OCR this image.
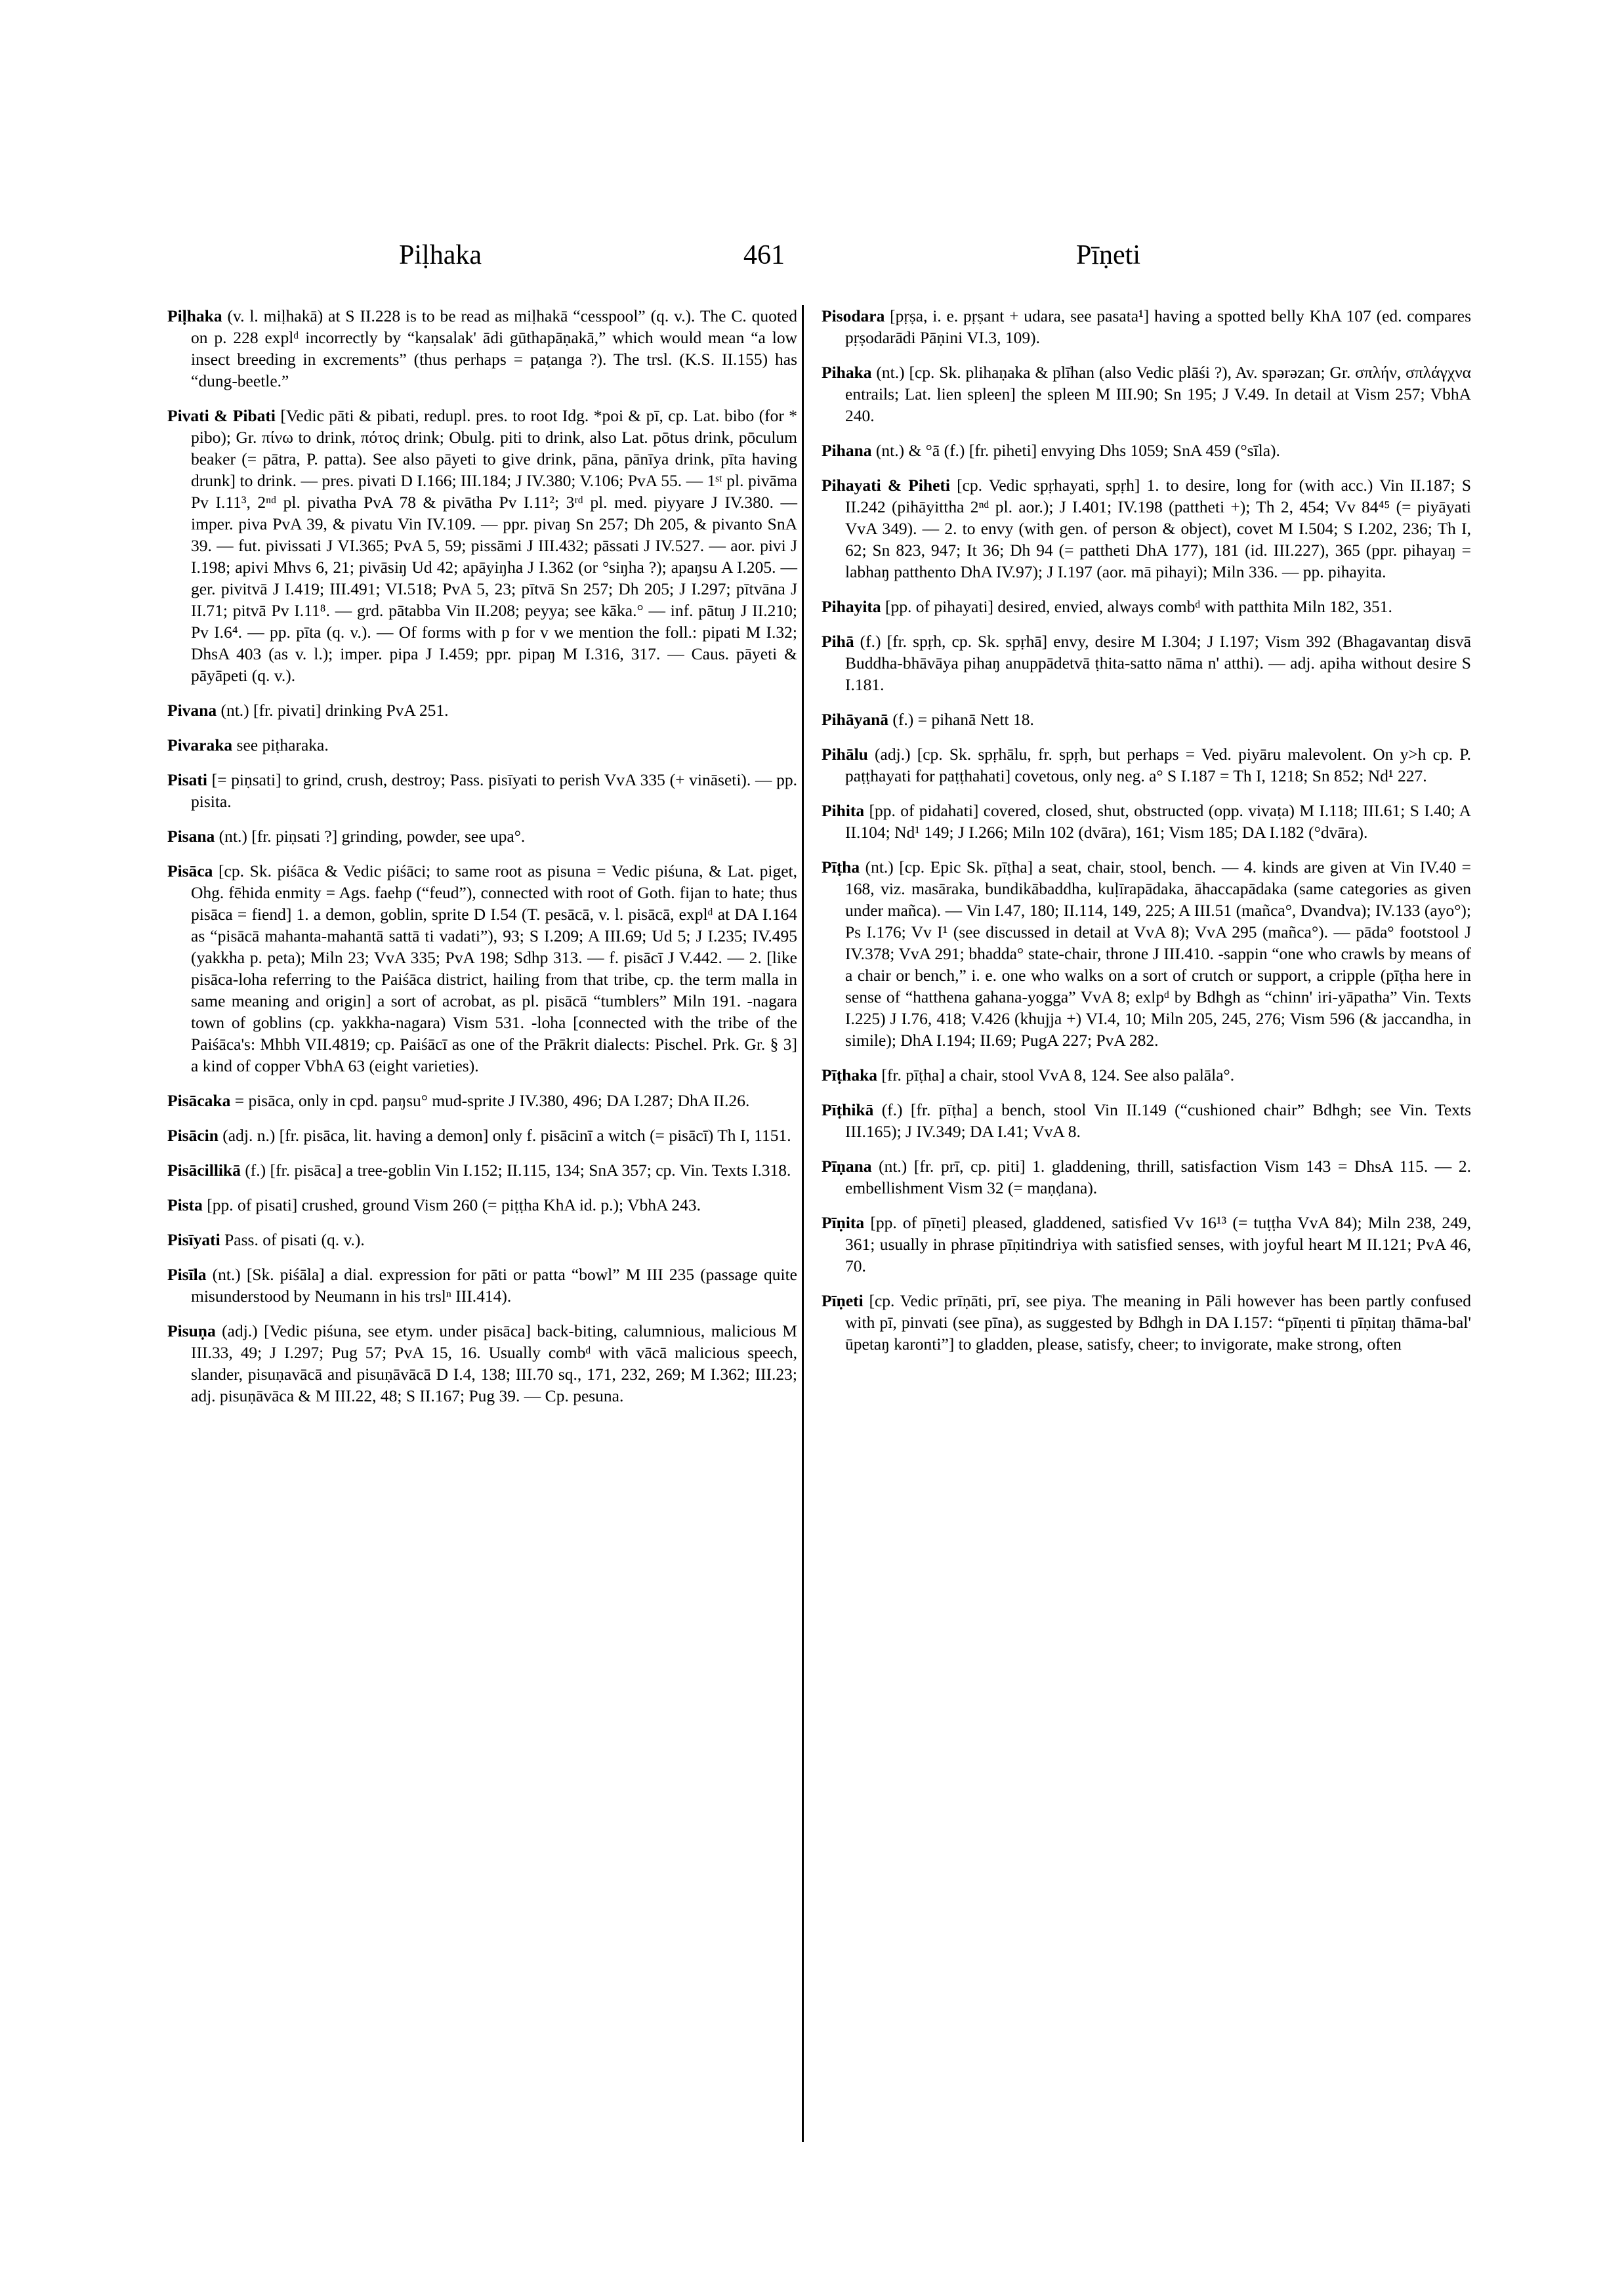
Piḷhaka	461	Pīṇeti

Piḷhaka (v. l. miḷhakā) at S II.228 is to be read as miḷhakā “cesspool” (q. v.). The C. quoted on p. 228 explᵈ incorrectly by “kaṇsalak' ādi gūthapāṇakā,” which would mean “a low insect breeding in excrements” (thus perhaps = paṭanga ?). The trsl. (K.S. II.155) has “dung-beetle.”

Pivati & Pibati [Vedic pāti & pibati, redupl. pres. to root Idg. *poi & pī, cp. Lat. bibo (for * pibo); Gr. πίνω to drink, πότος drink; Obulg. piti to drink, also Lat. pōtus drink, pōculum beaker (= pātra, P. patta). See also pāyeti to give drink, pāna, pānīya drink, pīta having drunk] to drink. — pres. pivati D I.166; III.184; J IV.380; V.106; PvA 55. — 1ˢᵗ pl. pivāma Pv I.11³, 2ⁿᵈ pl. pivatha PvA 78 & pivātha Pv I.11²; 3ʳᵈ pl. med. piyyare J IV.380. — imper. piva PvA 39, & pivatu Vin IV.109. — ppr. pivaŋ Sn 257; Dh 205, & pivanto SnA 39. — fut. pivissati J VI.365; PvA 5, 59; pissāmi J III.432; pāssati J IV.527. — aor. pivi J I.198; apivi Mhvs 6, 21; pivāsiŋ Ud 42; apāyiŋha J I.362 (or °siŋha ?); apaŋsu A I.205. — ger. pivitvā J I.419; III.491; VI.518; PvA 5, 23; pītvā Sn 257; Dh 205; J I.297; pītvāna J II.71; pitvā Pv I.11⁸. — grd. pātabba Vin II.208; peyya; see kāka.° — inf. pātuŋ J II.210; Pv I.6⁴. — pp. pīta (q. v.). — Of forms with p for v we mention the foll.: pipati M I.32; DhsA 403 (as v. l.); imper. pipa J I.459; ppr. pipaŋ M I.316, 317. — Caus. pāyeti & pāyāpeti (q. v.).

Pivana (nt.) [fr. pivati] drinking PvA 251.

Pivaraka see piṭharaka.

Pisati [= piṇsati] to grind, crush, destroy; Pass. pisīyati to perish VvA 335 (+ vināseti). — pp. pisita.

Pisana (nt.) [fr. piṇsati ?] grinding, powder, see upa°.

Pisāca [cp. Sk. piśāca & Vedic piśāci; to same root as pisuna = Vedic piśuna, & Lat. piget, Ohg. fēhida enmity = Ags. faehp (“feud”), connected with root of Goth. fijan to hate; thus pisāca = fiend] 1. a demon, goblin, sprite D I.54 (T. pesācā, v. l. pisācā, explᵈ at DA I.164 as “pisācā mahanta-mahantā sattā ti vadati”), 93; S I.209; A III.69; Ud 5; J I.235; IV.495 (yakkha p. peta); Miln 23; VvA 335; PvA 198; Sdhp 313. — f. pisācī J V.442. — 2. [like pisāca-loha referring to the Paiśāca district, hailing from that tribe, cp. the term malla in same meaning and origin] a sort of acrobat, as pl. pisācā “tumblers” Miln 191. -nagara town of goblins (cp. yakkha-nagara) Vism 531. -loha [connected with the tribe of the Paiśāca's: Mhbh VII.4819; cp. Paiśācī as one of the Prākrit dialects: Pischel. Prk. Gr. § 3] a kind of copper VbhA 63 (eight varieties).

Pisācaka = pisāca, only in cpd. paŋsu° mud-sprite J IV.380, 496; DA I.287; DhA II.26.

Pisācin (adj. n.) [fr. pisāca, lit. having a demon] only f. pisācinī a witch (= pisācī) Th I, 1151.

Pisācillikā (f.) [fr. pisāca] a tree-goblin Vin I.152; II.115, 134; SnA 357; cp. Vin. Texts I.318.

Pista [pp. of pisati] crushed, ground Vism 260 (= piṭṭha KhA id. p.); VbhA 243.

Pisīyati Pass. of pisati (q. v.).

Pisīla (nt.) [Sk. piśāla] a dial. expression for pāti or patta “bowl” M III 235 (passage quite misunderstood by Neumann in his trslⁿ III.414).

Pisuṇa (adj.) [Vedic piśuna, see etym. under pisāca] back-biting, calumnious, malicious M III.33, 49; J I.297; Pug 57; PvA 15, 16. Usually combᵈ with vācā malicious speech, slander, pisuṇavācā and pisuṇāvācā D I.4, 138; III.70 sq., 171, 232, 269; M I.362; III.23; adj. pisuṇāvāca & M III.22, 48; S II.167; Pug 39. — Cp. pesuna.

Pisodara [pṛṣa, i. e. pṛṣant + udara, see pasata¹] having a spotted belly KhA 107 (ed. compares pṛṣodarādi Pāṇini VI.3, 109).

Pihaka (nt.) [cp. Sk. plihaṇaka & plīhan (also Vedic plāśi ?), Av. spərəzan; Gr. σπλήν, σπλάγχνα entrails; Lat. lien spleen] the spleen M III.90; Sn 195; J V.49. In detail at Vism 257; VbhA 240.

Pihana (nt.) & °ā (f.) [fr. piheti] envying Dhs 1059; SnA 459 (°sīla).

Pihayati & Piheti [cp. Vedic spṛhayati, spṛh] 1. to desire, long for (with acc.) Vin II.187; S II.242 (pihāyittha 2ⁿᵈ pl. aor.); J I.401; IV.198 (pattheti +); Th 2, 454; Vv 84⁴⁵ (= piyāyati VvA 349). — 2. to envy (with gen. of person & object), covet M I.504; S I.202, 236; Th I, 62; Sn 823, 947; It 36; Dh 94 (= pattheti DhA 177), 181 (id. III.227), 365 (ppr. pihayaŋ = labhaŋ patthento DhA IV.97); J I.197 (aor. mā pihayi); Miln 336. — pp. pihayita.

Pihayita [pp. of pihayati] desired, envied, always combᵈ with patthita Miln 182, 351.

Pihā (f.) [fr. spṛh, cp. Sk. spṛhā] envy, desire M I.304; J I.197; Vism 392 (Bhagavantaŋ disvā Buddha-bhāvāya pihaŋ anuppādetvā ṭhita-satto nāma n' atthi). — adj. apiha without desire S I.181.

Pihāyanā (f.) = pihanā Nett 18.

Pihālu (adj.) [cp. Sk. spṛhālu, fr. spṛh, but perhaps = Ved. piyāru malevolent. On y>h cp. P. paṭṭhayati for paṭṭhahati] covetous, only neg. a° S I.187 = Th I, 1218; Sn 852; Nd¹ 227.

Pihita [pp. of pidahati] covered, closed, shut, obstructed (opp. vivaṭa) M I.118; III.61; S I.40; A II.104; Nd¹ 149; J I.266; Miln 102 (dvāra), 161; Vism 185; DA I.182 (°dvāra).

Pīṭha (nt.) [cp. Epic Sk. pīṭha] a seat, chair, stool, bench. — 4. kinds are given at Vin IV.40 = 168, viz. masāraka, bundikābaddha, kuḷīrapādaka, āhaccapādaka (same categories as given under mañca). — Vin I.47, 180; II.114, 149, 225; A III.51 (mañca°, Dvandva); IV.133 (ayo°); Ps I.176; Vv I¹ (see discussed in detail at VvA 8); VvA 295 (mañca°). — pāda° footstool J IV.378; VvA 291; bhadda° state-chair, throne J III.410. -sappin “one who crawls by means of a chair or bench,” i. e. one who walks on a sort of crutch or support, a cripple (pīṭha here in sense of “hatthena gahana-yogga” VvA 8; exlpᵈ by Bdhgh as “chinn' iri-yāpatha” Vin. Texts I.225) J I.76, 418; V.426 (khujja +) VI.4, 10; Miln 205, 245, 276; Vism 596 (& jaccandha, in simile); DhA I.194; II.69; PugA 227; PvA 282.

Pīṭhaka [fr. pīṭha] a chair, stool VvA 8, 124. See also palāla°.

Pīṭhikā (f.) [fr. pīṭha] a bench, stool Vin II.149 (“cushioned chair” Bdhgh; see Vin. Texts III.165); J IV.349; DA I.41; VvA 8.

Pīṇana (nt.) [fr. prī, cp. piti] 1. gladdening, thrill, satisfaction Vism 143 = DhsA 115. — 2. embellishment Vism 32 (= maṇḍana).

Pīṇita [pp. of pīṇeti] pleased, gladdened, satisfied Vv 16¹³ (= tuṭṭha VvA 84); Miln 238, 249, 361; usually in phrase pīṇitindriya with satisfied senses, with joyful heart M II.121; PvA 46, 70.

Pīṇeti [cp. Vedic prīṇāti, prī, see piya. The meaning in Pāli however has been partly confused with pī, pinvati (see pīna), as suggested by Bdhgh in DA I.157: “pīṇenti ti pīṇitaŋ thāma-bal' ūpetaŋ karonti”] to gladden, please, satisfy, cheer; to invigorate, make strong, often
